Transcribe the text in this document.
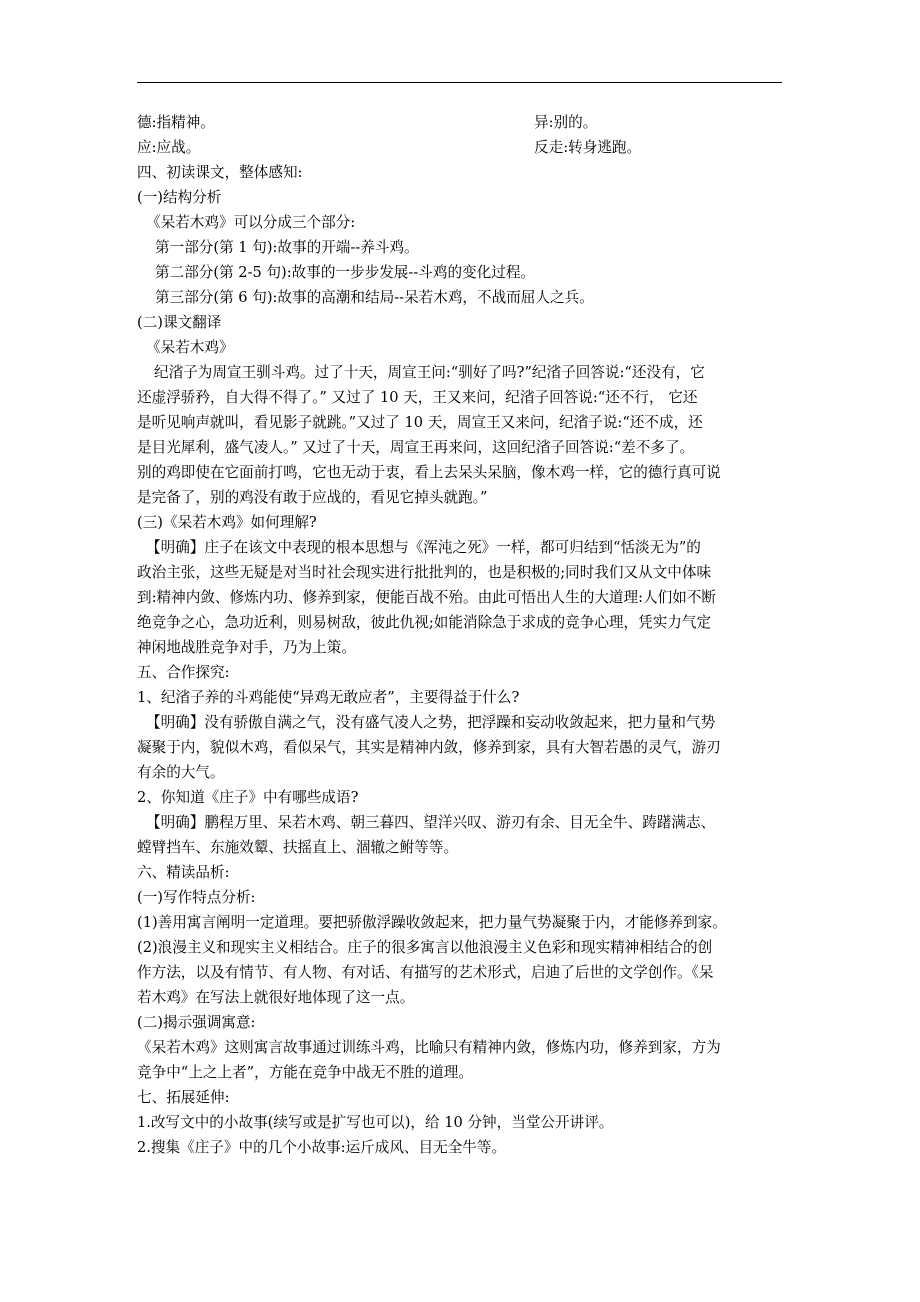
德:指精神。	异:别的。
应:应战。	反走:转身逃跑。
四、初读课文，整体感知:
(一)结构分析
《呆若木鸡》可以分成三个部分:
第一部分(第 1 句):故事的开端--养斗鸡。
第二部分(第 2-5 句):故事的一步步发展--斗鸡的变化过程。
第三部分(第 6 句):故事的高潮和结局--呆若木鸡，不战而屈人之兵。
(二)课文翻译
《呆若木鸡》
纪渻子为周宣王驯斗鸡。过了十天，周宣王问:“驯好了吗?”纪渻子回答说:“还没有，它
还虚浮骄矜，自大得不得了。” 又过了 10 天，王又来问，纪渻子回答说:“还不行， 它还
是听见响声就叫，看见影子就跳。”又过了 10 天，周宣王又来问，纪渻子说:“还不成，还
是目光犀利，盛气凌人。” 又过了十天，周宣王再来问，这回纪渻子回答说:“差不多了。
别的鸡即使在它面前打鸣，它也无动于衷，看上去呆头呆脑，像木鸡一样，它的德行真可说
是完备了，别的鸡没有敢于应战的，看见它掉头就跑。”
(三)《呆若木鸡》如何理解?
【明确】庄子在该文中表现的根本思想与《浑沌之死》一样，都可归结到“恬淡无为”的
政治主张，这些无疑是对当时社会现实进行批批判的，也是积极的;同时我们又从文中体味
到:精神内敛、修炼内功、修养到家，便能百战不殆。由此可悟出人生的大道理:人们如不断
绝竞争之心，急功近利，则易树敌，彼此仇视;如能消除急于求成的竞争心理，凭实力气定
神闲地战胜竞争对手，乃为上策。
五、合作探究:
1、纪渻子养的斗鸡能使“异鸡无敢应者”，主要得益于什么?
【明确】没有骄傲自满之气，没有盛气凌人之势，把浮躁和妄动收敛起来，把力量和气势
凝聚于内，貌似木鸡，看似呆气，其实是精神内敛，修养到家，具有大智若愚的灵气，游刃
有余的大气。
2、你知道《庄子》中有哪些成语?
【明确】鹏程万里、呆若木鸡、朝三暮四、望洋兴叹、游刃有余、目无全牛、踌躇满志、
螳臂挡车、东施效颦、扶摇直上、涸辙之鲋等等。
六、精读品析:
(一)写作特点分析:
(1)善用寓言阐明一定道理。要把骄傲浮躁收敛起来，把力量气势凝聚于内，才能修养到家。
(2)浪漫主义和现实主义相结合。庄子的很多寓言以他浪漫主义色彩和现实精神相结合的创
作方法，以及有情节、有人物、有对话、有描写的艺术形式，启迪了后世的文学创作。《呆
若木鸡》在写法上就很好地体现了这一点。
(二)揭示强调寓意:
《呆若木鸡》这则寓言故事通过训练斗鸡，比喻只有精神内敛，修炼内功，修养到家，方为
竞争中“上之上者”，方能在竞争中战无不胜的道理。
七、拓展延伸:
1.改写文中的小故事(续写或是扩写也可以)，给 10 分钟，当堂公开讲评。
2.搜集《庄子》中的几个小故事:运斤成风、目无全牛等。
